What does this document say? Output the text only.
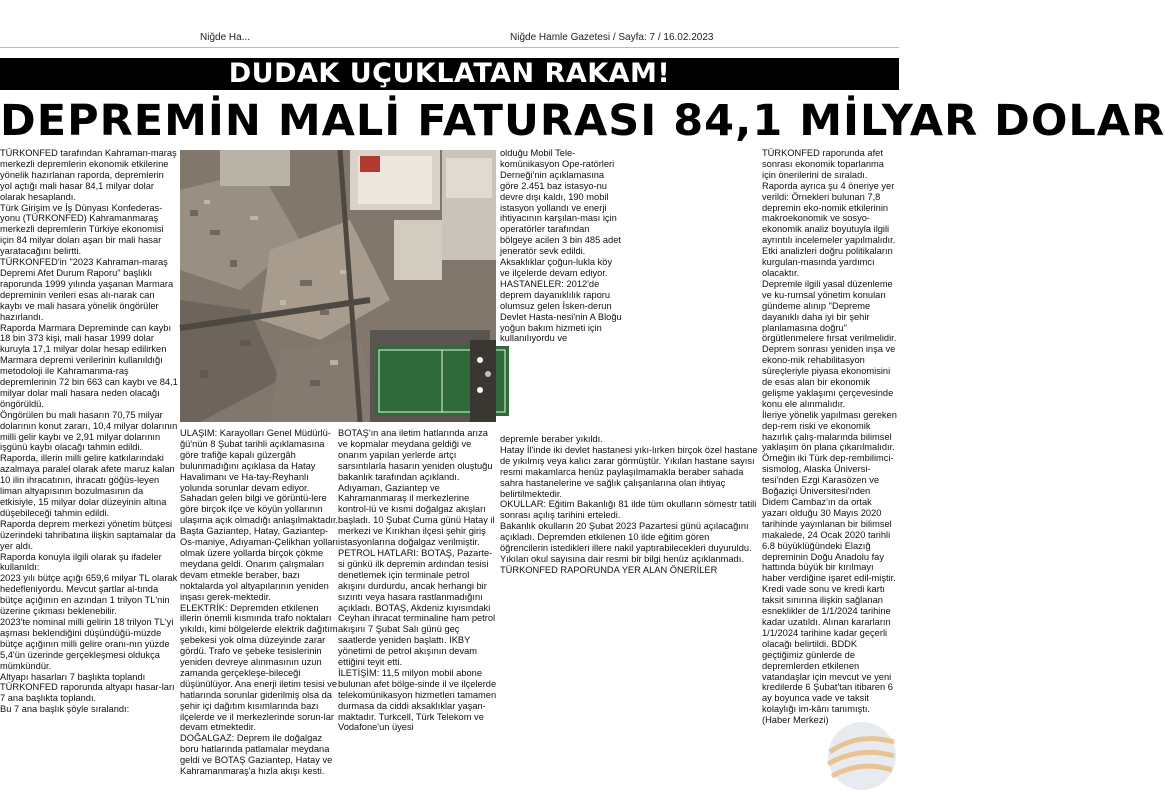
Niğde Ha...	Niğde Hamle Gazetesi / Sayfa: 7 / 16.02.2023
DUDAK UÇUKLATAN RAKAM!
DEPREMİN MALİ FATURASI 84,1 MİLYAR DOLAR

TÜRKONFED tarafından Kahraman-maraş merkezli depremlerin ekonomik etkilerine yönelik hazırlanan raporda, depremlerin yol açtığı mali hasar 84,1 milyar dolar olarak hesaplandı.

Türk Girişim ve İş Dünyası Konfederas-yonu (TÜRKONFED) Kahramanmaraş merkezli depremlerin Türkiye ekonomisi için 84 milyar doları aşan bir mali hasar yaratacağını belirtti.

TÜRKONFED'in "2023 Kahraman-maraş Depremi Afet Durum Raporu" başlıklı raporunda 1999 yılında yaşanan Marmara depreminin verileri esas alı-narak can kaybı ve mali hasara yönelik öngörüler hazırlandı.

Raporda Marmara Depreminde can kaybı 18 bin 373 kişi, mali hasar 1999 dolar kuruyla 17,1 milyar dolar hesap edilirken Marmara depremi verilerinin kullanıldığı metodoloji ile Kahramanma-raş depremlerinin 72 bin 663 can kaybı ve 84,1 milyar dolar mali hasara neden olacağı öngörüldü.

Öngörülen bu mali hasarın 70,75 milyar dolarının konut zararı, 10,4 milyar dolarının milli gelir kaybı ve 2,91 milyar dolarının işgünü kaybı olacağı tahmin edildi.

Raporda, illerin milli gelire katkılarındaki azalmaya paralel olarak afete maruz kalan 10 ilin ihracatının, ihracatı göğüs-leyen liman altyapısının bozulmasının da etkisiyle, 15 milyar dolar düzeyinin altına düşebileceği tahmin edildi.

Raporda deprem merkezi yönetim bütçesi üzerindeki tahribatına ilişkin saptamalar da yer aldı.

Raporda konuyla ilgili olarak şu ifadeler kullanıldı:

2023 yılı bütçe açığı 659,6 milyar TL olarak hedefleniyordu. Mevcut şartlar al-tında bütçe açığının en azından 1 trilyon TL'nin üzerine çıkması beklenebilir.

2023'te nominal milli gelirin 18 trilyon TL'yi aşması beklendiğini düşündüğü-müzde bütçe açığının milli gelire oranı-nın yüzde 5,4'ün üzerinde gerçekleşmesi oldukça mümkündür.

Altyapı hasarları 7 başlıkta toplandı

TÜRKONFED raporunda altyapı hasar-ları 7 ana başlıkta toplandı.

Bu 7 ana başlık şöyle sıralandı:

ULAŞIM: Karayolları Genel Müdürlü-ğü'nün 8 Şubat tarihli açıklamasına göre trafiğe kapalı güzergâh bulunmadığını açıklasa da Hatay Havalimanı ve Ha-tay-Reyhanlı yolunda sorunlar devam ediyor. Sahadan gelen bilgi ve görüntü-lere göre birçok ilçe ve köyün yollarının ulaşıma açık olmadığı anlaşılmaktadır.

Başta Gaziantep, Hatay, Gaziantep-Os-maniye, Adıyaman-Çelikhan yolları olmak üzere yollarda birçok çökme meydana geldi. Onarım çalışmaları devam etmekle beraber, bazı noktalarda yol altyapılarının yeniden inşası gerek-mektedir.

ELEKTRİK: Depremden etkilenen illerin önemli kısmında trafo noktaları yıkıldı, kimi bölgelerde elektrik dağıtım şebekesi yok olma düzeyinde zarar gördü. Trafo ve şebeke tesislerinin yeniden devreye alınmasının uzun zamanda gerçekleşe-bileceği düşünülüyor. Ana enerji iletim tesisi ve hatlarında sorunlar giderilmiş olsa da şehir içi dağıtım kısımlarında bazı ilçelerde ve il merkezlerinde sorun-lar devam etmektedir.

DOĞALGAZ: Deprem ile doğalgaz boru hatlarında patlamalar meydana geldi ve BOTAŞ Gaziantep, Hatay ve Kahramanmaraş'a hızla akışı kesti.

BOTAŞ'ın ana iletim hatlarında arıza ve kopmalar meydana geldiği ve onarım yapılan yerlerde artçı sarsıntılarla hasarın yeniden oluştuğu bakanlık tarafından açıklandı. Adıyaman, Gaziantep ve Kahramanmaraş il merkezlerine kontrol-lü ve kısmi doğalgaz akışları başladı. 10 Şubat Cuma günü Hatay il merkezi ve Kırıkhan ilçesi şehir giriş istasyonlarına doğalgaz verilmiştir.

PETROL HATLARI: BOTAŞ, Pazarte-si günkü ilk depremin ardından tesisi denetlemek için terminale petrol akışını durdurdu, ancak herhangi bir sızıntı veya hasara rastlanmadığını açıkladı. BOTAŞ, Akdeniz kıyısındaki Ceyhan ihracat terminaline ham petrol akışını 7 Şubat Salı günü geç saatlerde yeniden başlattı. IKBY yönetimi de petrol akışının devam ettiğini teyit etti.

İLETİŞİM: 11,5 milyon mobil abone bulunan afet bölge-sinde il ve ilçelerde telekomünikasyon hizmetleri tamamen durmasa da ciddi aksaklıklar yaşan-maktadır. Turkcell, Türk Telekom ve Vodafone'un üyesi

olduğu Mobil Tele-komünikasyon Ope-ratörleri Derneği'nin açıklamasına göre 2.451 baz istasyo-nu devre dışı kaldı, 190 mobil istasyon yollandı ve enerji ihtiyacının karşılan-ması için operatörler tarafından bölgeye acilen 3 bin 485 adet jeneratör sevk edildi. Aksaklıklar çoğun-lukla köy ve ilçelerde devam ediyor.

HASTANELER: 2012'de deprem dayanıklılık raporu olumsuz gelen İsken-derun Devlet Hasta-nesi'nin A Bloğu yoğun bakım hizmeti için kullanılıyordu ve

depremle beraber yıkıldı.

Hatay İl'inde iki devlet hastanesi yıkı-lırken birçok özel hastane de yıkılmış veya kalıcı zarar görmüştür. Yıkılan hastane sayısı resmi makamlarca henüz paylaşılmamakla beraber sahada sahra hastanelerine ve sağlık çalışanlarına olan ihtiyaç belirtilmektedir.

OKULLAR: Eğitim Bakanlığı 81 ilde tüm okulların sömestr tatili sonrası açılış tarihini erteledi.

Bakanlık okulların 20 Şubat 2023 Pazartesi günü açılacağını açıkladı. Depremden etkilenen 10 ilde eğitim gören öğrencilerin istedikleri illere nakil yaptırabilecekleri duyuruldu. Yıkılan okul sayısına dair resmi bir bilgi henüz açıklanmadı.

TÜRKONFED RAPORUNDA YER ALAN ÖNERİLER

TÜRKONFED raporunda afet sonrası ekonomik toparlanma için önerilerini de sıraladı.

Raporda ayrıca şu 4 öneriye yer verildi: Örnekleri bulunan 7,8 depremin eko-nomik etkilerinin makroekonomik ve sosyo-ekonomik analiz boyutuyla ilgili ayrıntılı incelemeler yapılmalıdır. Etki analizleri doğru politikaların kurgulan-masında yardımcı olacaktır.

Depremle ilgili yasal düzenleme ve ku-rumsal yönetim konuları gündeme alınıp "Depreme dayanıklı daha iyi bir şehir planlamasına doğru" örgütlenmelere fırsat verilmelidir.

Deprem sonrası yeniden inşa ve ekono-mik rehabilitasyon süreçleriyle piyasa ekonomisini de esas alan bir ekonomik gelişme yaklaşımı çerçevesinde konu ele alınmalıdır.

İleriye yönelik yapılması gereken dep-rem riski ve ekonomik hazırlık çalış-malarında bilimsel yaklaşım ön plana çıkarılmalıdır. Örneğin iki Türk dep-rembilimci-sismolog, Alaska Üniversi-tesi'nden Ezgi Karasözen ve Boğaziçi Üniversitesi'nden Didem Cambaz'ın da ortak yazarı olduğu 30 Mayıs 2020 tarihinde yayınlanan bir bilimsel makalede, 24 Ocak 2020 tarihli 6.8 büyüklüğündeki Elazığ depreminin Doğu Anadolu fay hattında büyük bir kırılmayı haber verdiğine işaret edil-miştir.

Kredi vade sonu ve kredi kartı taksit sınırına ilişkin sağlanan esneklikler de 1/1/2024 tarihine kadar uzatıldı. Alınan kararların 1/1/2024 tarihine kadar geçerli olacağı belirtildi. BDDK geçtiğimiz günlerde de depremlerden etkilenen vatandaşlar için mevcut ve yeni kredilerde 6 Şubat'tan itibaren 6 ay boyunca vade ve taksit kolaylığı im-kânı tanımıştı. (Haber Merkezi)
